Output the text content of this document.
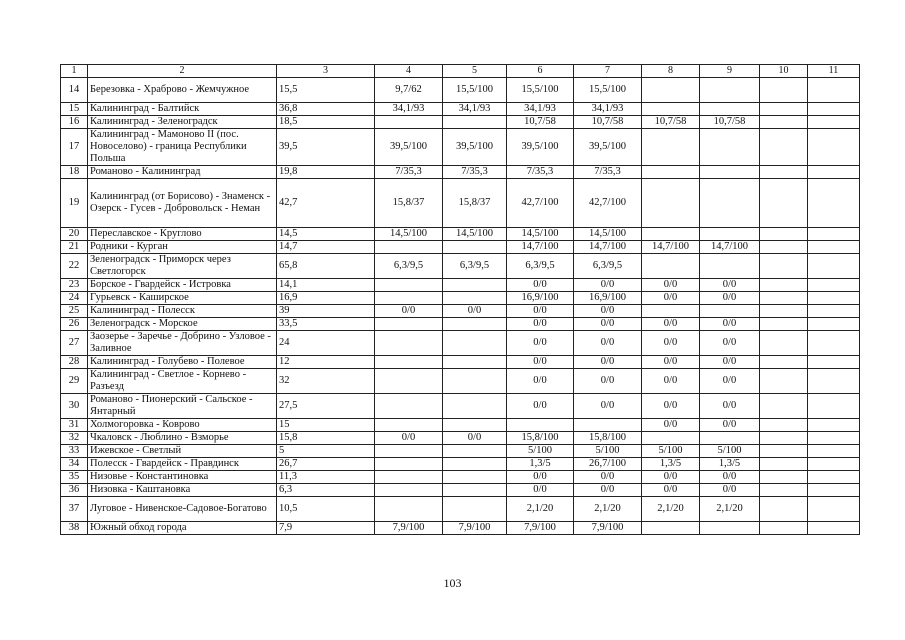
1	2	3	4	5	6	7	8	9	10	11
14	Березовка - Храброво - Жемчужное	15,5	9,7/62	15,5/100	15,5/100	15,5/100				
15	Калининград - Балтийск	36,8	34,1/93	34,1/93	34,1/93	34,1/93				
16	Калининград - Зеленоградск	18,5			10,7/58	10,7/58	10,7/58	10,7/58		
17	Калининград - Мамоново II (пос. Новоселово) - граница Республики Польша	39,5	39,5/100	39,5/100	39,5/100	39,5/100				
18	Романово - Калининград	19,8	7/35,3	7/35,3	7/35,3	7/35,3				
19	Калининград (от Борисово) - Знаменск - Озерск - Гусев - Добровольск - Неман	42,7	15,8/37	15,8/37	42,7/100	42,7/100				
20	Переславское - Круглово	14,5	14,5/100	14,5/100	14,5/100	14,5/100				
21	Родники - Курган	14,7			14,7/100	14,7/100	14,7/100	14,7/100		
22	Зеленоградск - Приморск через Светлогорск	65,8	6,3/9,5	6,3/9,5	6,3/9,5	6,3/9,5				
23	Борское - Гвардейск - Истровка	14,1			0/0	0/0	0/0	0/0		
24	Гурьевск - Каширское	16,9			16,9/100	16,9/100	0/0	0/0		
25	Калининград - Полесск	39	0/0	0/0	0/0	0/0				
26	Зеленоградск - Морское	33,5			0/0	0/0	0/0	0/0		
27	Заозерье - Заречье - Добрино - Узловое - Заливное	24			0/0	0/0	0/0	0/0		
28	Калининград - Голубево - Полевое	12			0/0	0/0	0/0	0/0		
29	Калининград - Светлое - Корнево - Разъезд	32			0/0	0/0	0/0	0/0		
30	Романово - Пионерский - Сальское - Янтарный	27,5			0/0	0/0	0/0	0/0		
31	Холмогоровка - Коврово	15					0/0	0/0		
32	Чкаловск - Люблино - Взморье	15,8	0/0	0/0	15,8/100	15,8/100				
33	Ижевское - Светлый	5			5/100	5/100	5/100	5/100		
34	Полесск - Гвардейск - Правдинск	26,7			1,3/5	26,7/100	1,3/5	1,3/5		
35	Низовье - Константиновка	11,3			0/0	0/0	0/0	0/0		
36	Низовка - Каштановка	6,3			0/0	0/0	0/0	0/0		
37	Луговое - Нивенское-Садовое-Богатово	10,5			2,1/20	2,1/20	2,1/20	2,1/20		
38	Южный обход города	7,9	7,9/100	7,9/100	7,9/100	7,9/100				
103
